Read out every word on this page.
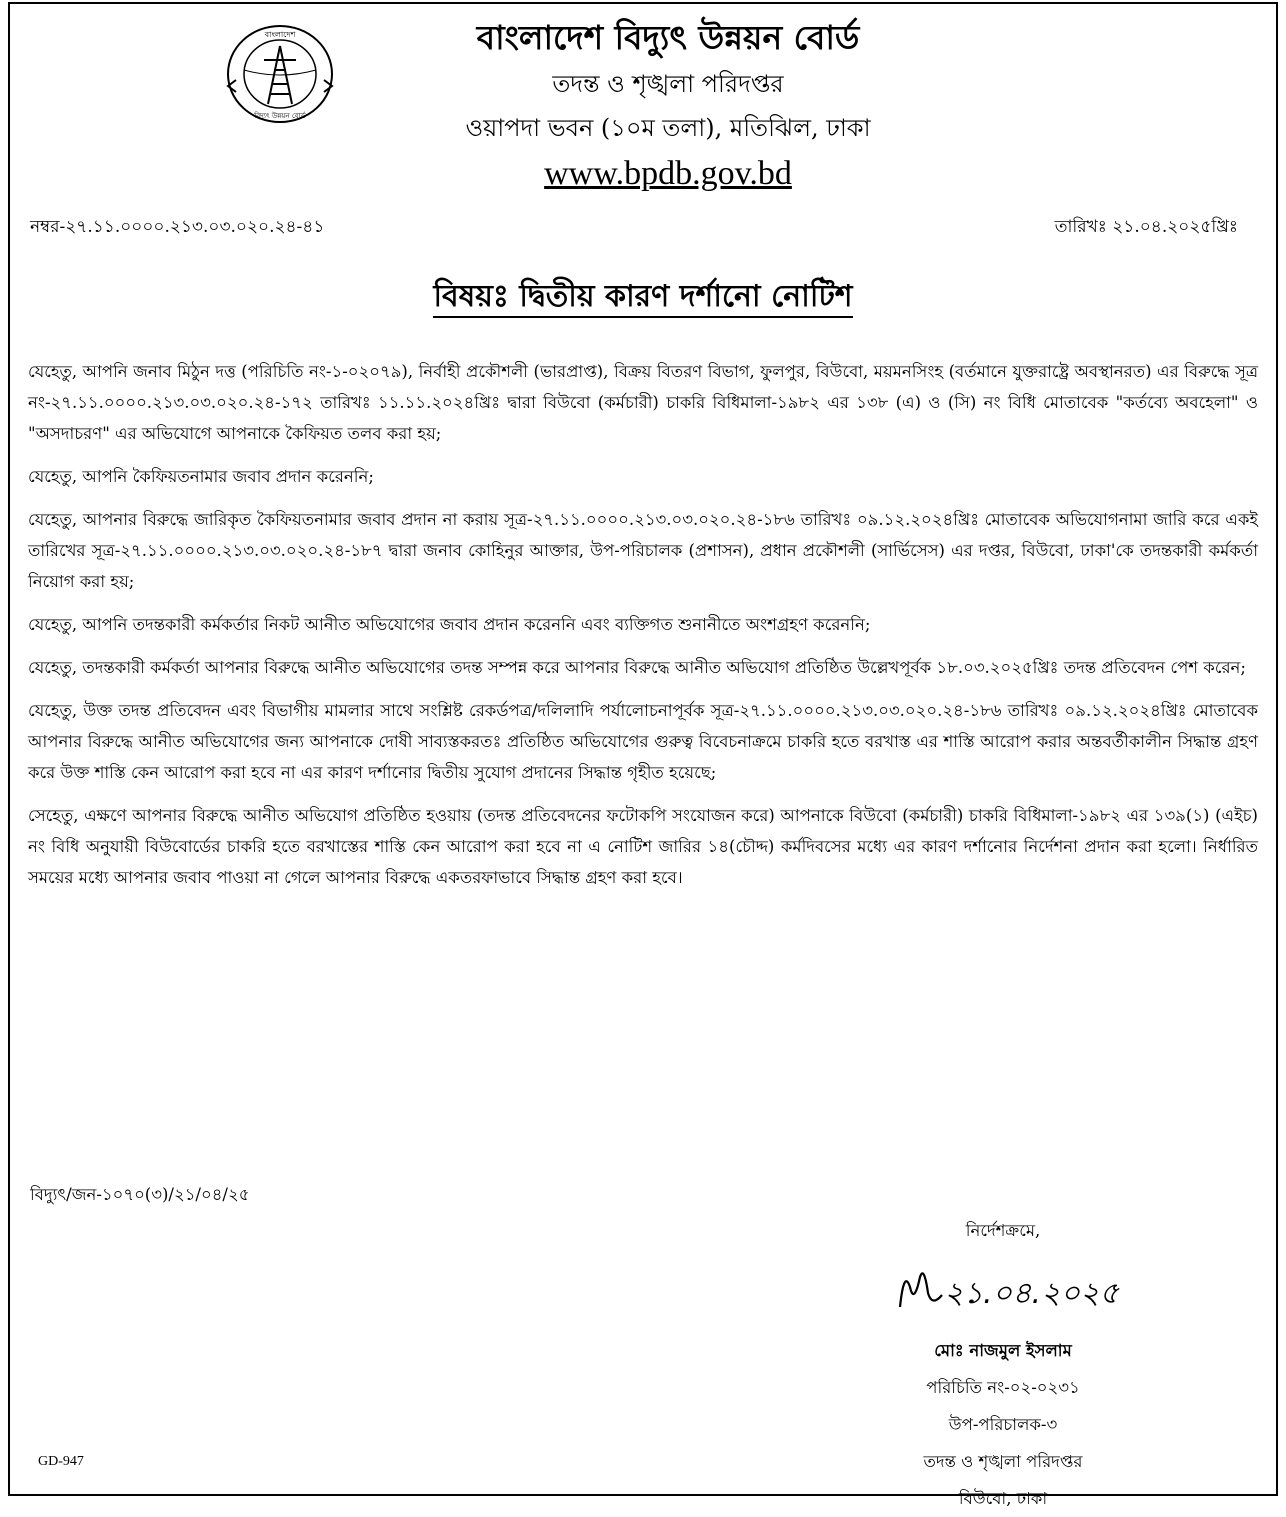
বাংলাদেশ
বিদ্যুৎ উন্নয়ন বোর্ড

বাংলাদেশ বিদ্যুৎ উন্নয়ন বোর্ড

তদন্ত ও শৃঙ্খলা পরিদপ্তর

ওয়াপদা ভবন (১০ম তলা), মতিঝিল, ঢাকা

www.bpdb.gov.bd

নম্বর-২৭.১১.০০০০.২১৩.০৩.০২০.২৪-৪১	তারিখঃ ২১.০৪.২০২৫খ্রিঃ
বিষয়ঃ দ্বিতীয় কারণ দর্শানো নোটিশ

যেহেতু, আপনি জনাব মিঠুন দত্ত (পরিচিতি নং-১-০২০৭৯), নির্বাহী প্রকৌশলী (ভারপ্রাপ্ত), বিক্রয় বিতরণ বিভাগ, ফুলপুর, বিউবো, ময়মনসিংহ (বর্তমানে যুক্তরাষ্ট্রে অবস্থানরত) এর বিরুদ্ধে সূত্র নং-২৭.১১.০০০০.২১৩.০৩.০২০.২৪-১৭২ তারিখঃ ১১.১১.২০২৪খ্রিঃ দ্বারা বিউবো (কর্মচারী) চাকরি বিধিমালা-১৯৮২ এর ১৩৮ (এ) ও (সি) নং বিধি মোতাবেক "কর্তব্যে অবহেলা" ও "অসদাচরণ" এর অভিযোগে আপনাকে কৈফিয়ত তলব করা হয়;

যেহেতু, আপনি কৈফিয়তনামার জবাব প্রদান করেননি;

যেহেতু, আপনার বিরুদ্ধে জারিকৃত কৈফিয়তনামার জবাব প্রদান না করায় সূত্র-২৭.১১.০০০০.২১৩.০৩.০২০.২৪-১৮৬ তারিখঃ ০৯.১২.২০২৪খ্রিঃ মোতাবেক অভিযোগনামা জারি করে একই তারিখের সূত্র-২৭.১১.০০০০.২১৩.০৩.০২০.২৪-১৮৭ দ্বারা জনাব কোহিনুর আক্তার, উপ-পরিচালক (প্রশাসন), প্রধান প্রকৌশলী (সার্ভিসেস) এর দপ্তর, বিউবো, ঢাকা'কে তদন্তকারী কর্মকর্তা নিয়োগ করা হয়;

যেহেতু, আপনি তদন্তকারী কর্মকর্তার নিকট আনীত অভিযোগের জবাব প্রদান করেননি এবং ব্যক্তিগত শুনানীতে অংশগ্রহণ করেননি;

যেহেতু, তদন্তকারী কর্মকর্তা আপনার বিরুদ্ধে আনীত অভিযোগের তদন্ত সম্পন্ন করে আপনার বিরুদ্ধে আনীত অভিযোগ প্রতিষ্ঠিত উল্লেখপূর্বক ১৮.০৩.২০২৫খ্রিঃ তদন্ত প্রতিবেদন পেশ করেন;

যেহেতু, উক্ত তদন্ত প্রতিবেদন এবং বিভাগীয় মামলার সাথে সংশ্লিষ্ট রেকর্ডপত্র/দলিলাদি পর্যালোচনাপূর্বক সূত্র-২৭.১১.০০০০.২১৩.০৩.০২০.২৪-১৮৬ তারিখঃ ০৯.১২.২০২৪খ্রিঃ মোতাবেক আপনার বিরুদ্ধে আনীত অভিযোগের জন্য আপনাকে দোষী সাব্যস্তকরতঃ প্রতিষ্ঠিত অভিযোগের গুরুত্ব বিবেচনাক্রমে চাকরি হতে বরখাস্ত এর শাস্তি আরোপ করার অন্তবর্তীকালীন সিদ্ধান্ত গ্রহণ করে উক্ত শাস্তি কেন আরোপ করা হবে না এর কারণ দর্শানোর দ্বিতীয় সুযোগ প্রদানের সিদ্ধান্ত গৃহীত হয়েছে;

সেহেতু, এক্ষণে আপনার বিরুদ্ধে আনীত অভিযোগ প্রতিষ্ঠিত হওয়ায় (তদন্ত প্রতিবেদনের ফটোকপি সংযোজন করে) আপনাকে বিউবো (কর্মচারী) চাকরি বিধিমালা-১৯৮২ এর ১৩৯(১) (এইচ) নং বিধি অনুযায়ী বিউবোর্ডের চাকরি হতে বরখাস্তের শাস্তি কেন আরোপ করা হবে না এ নোটিশ জারির ১৪(চৌদ্দ) কর্মদিবসের মধ্যে এর কারণ দর্শানোর নির্দেশনা প্রদান করা হলো। নির্ধারিত সময়ের মধ্যে আপনার জবাব পাওয়া না গেলে আপনার বিরুদ্ধে একতরফাভাবে সিদ্ধান্ত গ্রহণ করা হবে।

বিদ্যুৎ/জন-১০৭০(৩)/২১/০৪/২৫
নির্দেশক্রমে,
২১.০৪.২০২৫
মোঃ নাজমুল ইসলাম
পরিচিতি নং-০২-০২৩১
উপ-পরিচালক-৩
তদন্ত ও শৃঙ্খলা পরিদপ্তর
বিউবো, ঢাকা
GD-947
